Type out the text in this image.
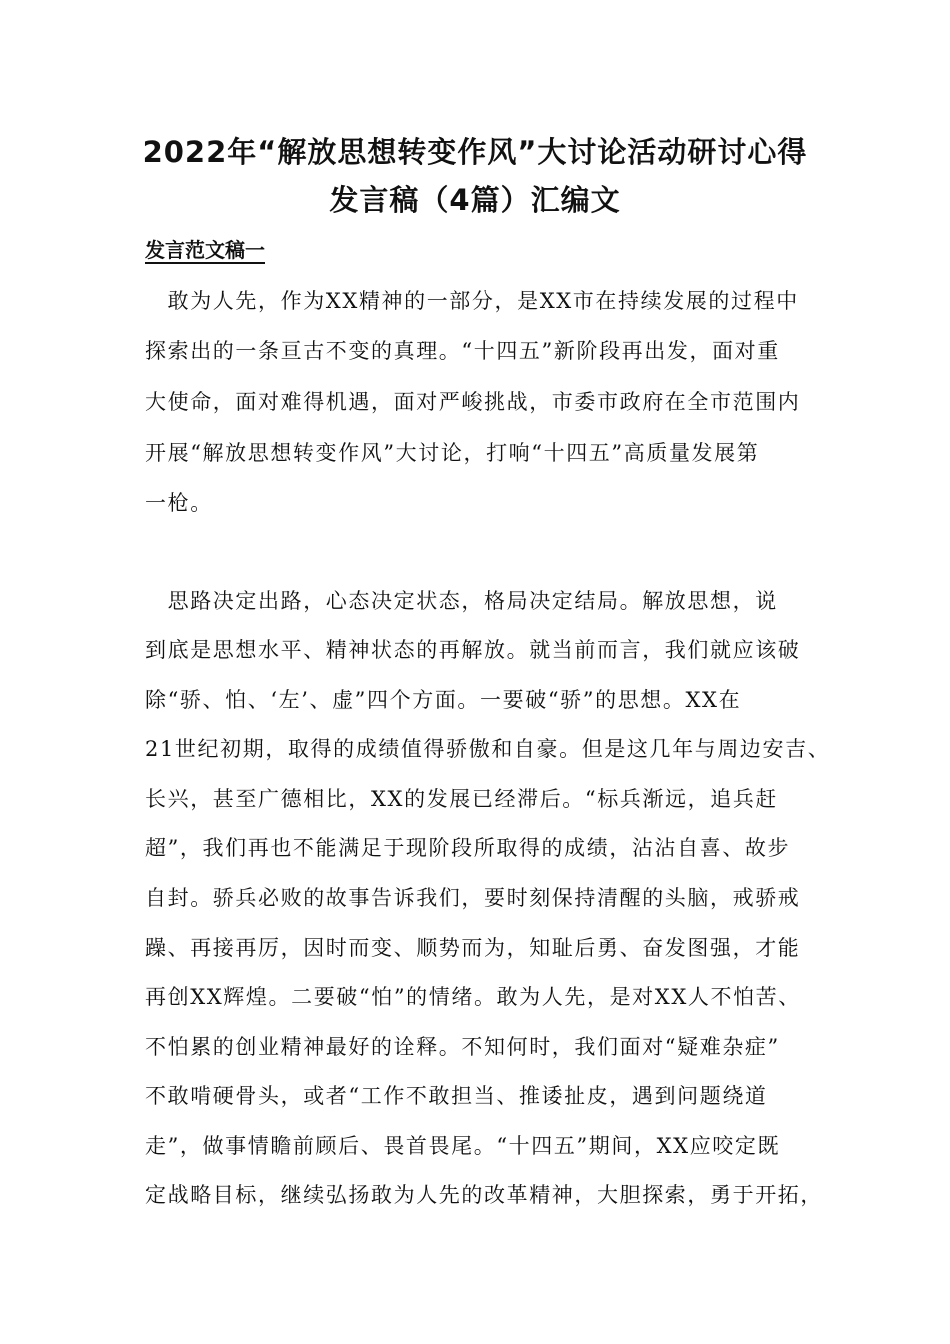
2022年“解放思想转变作风”大讨论活动研讨心得
发言稿（4篇）汇编文
发言范文稿一
　敢为人先，作为XX精神的一部分，是XX市在持续发展的过程中
探索出的一条亘古不变的真理。“十四五”新阶段再出发，面对重
大使命，面对难得机遇，面对严峻挑战，市委市政府在全市范围内
开展“解放思想转变作风”大讨论，打响“十四五”高质量发展第
一枪。
　思路决定出路，心态决定状态，格局决定结局。解放思想，说
到底是思想水平、精神状态的再解放。就当前而言，我们就应该破
除“骄、怕、‘左’、虚”四个方面。一要破“骄”的思想。XX在
21世纪初期，取得的成绩值得骄傲和自豪。但是这几年与周边安吉、
长兴，甚至广德相比，XX的发展已经滞后。“标兵渐远，追兵赶
超”，我们再也不能满足于现阶段所取得的成绩，沾沾自喜、故步
自封。骄兵必败的故事告诉我们，要时刻保持清醒的头脑，戒骄戒
躁、再接再厉，因时而变、顺势而为，知耻后勇、奋发图强，才能
再创XX辉煌。二要破“怕”的情绪。敢为人先，是对XX人不怕苦、
不怕累的创业精神最好的诠释。不知何时，我们面对“疑难杂症”
不敢啃硬骨头，或者“工作不敢担当、推诿扯皮，遇到问题绕道
走”，做事情瞻前顾后、畏首畏尾。“十四五”期间，XX应咬定既
定战略目标，继续弘扬敢为人先的改革精神，大胆探索，勇于开拓，
